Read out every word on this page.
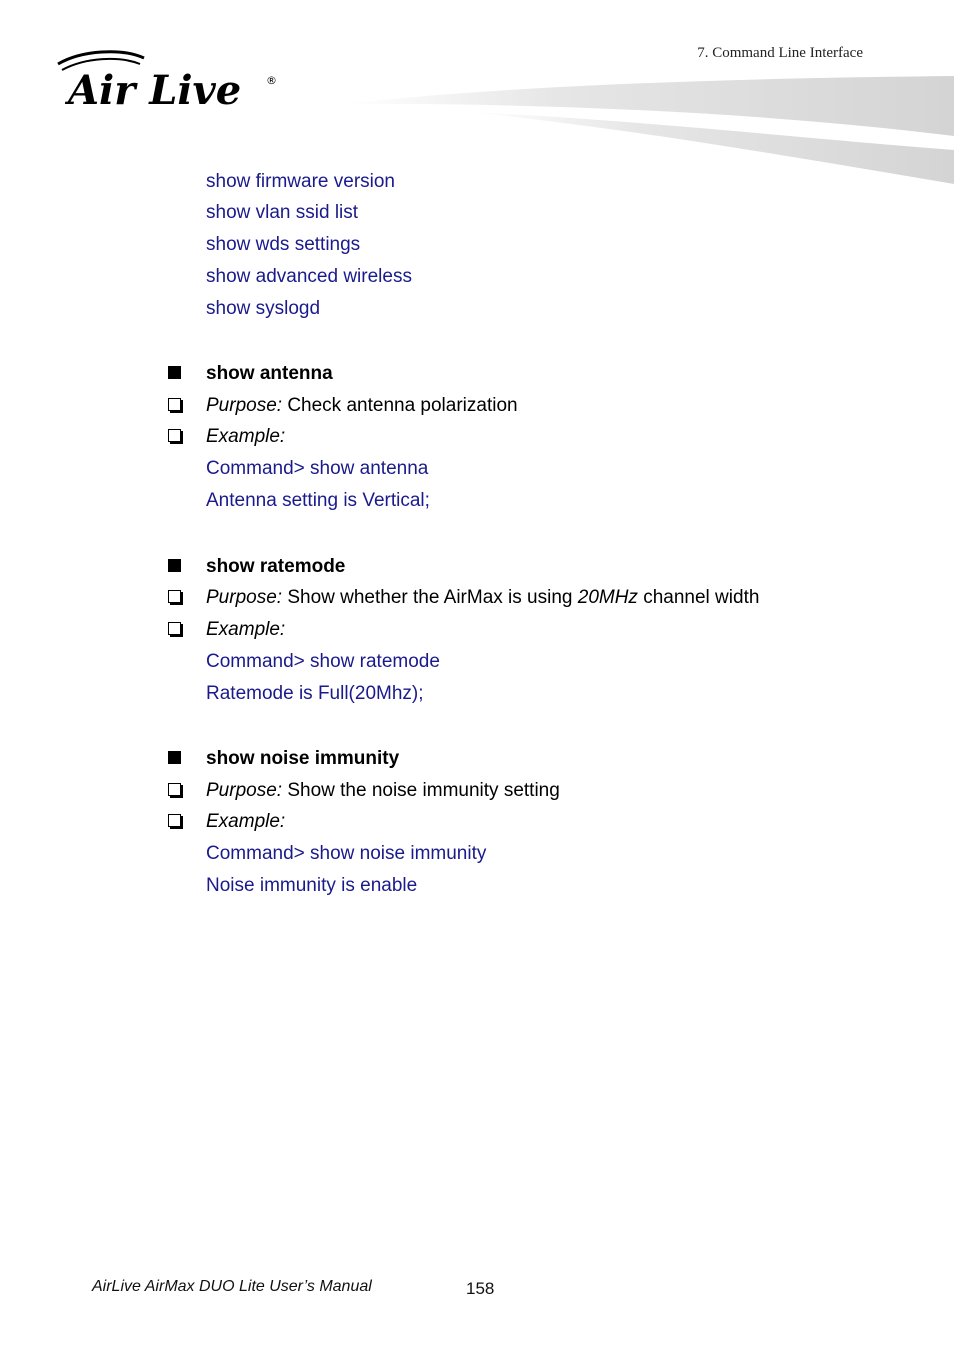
7. Command Line Interface
Air Live ®
show firmware version
show vlan ssid list
show wds settings
show advanced wireless
show syslogd
show antenna
Purpose: Check antenna polarization
Example:
Command> show antenna
Antenna setting is Vertical;
show ratemode
Purpose: Show whether the AirMax is using 20MHz channel width
Example:
Command> show ratemode
Ratemode is Full(20Mhz);
show noise immunity
Purpose: Show the noise immunity setting
Example:
Command> show noise immunity
Noise immunity is enable
AirLive AirMax DUO Lite User’s Manual	158
